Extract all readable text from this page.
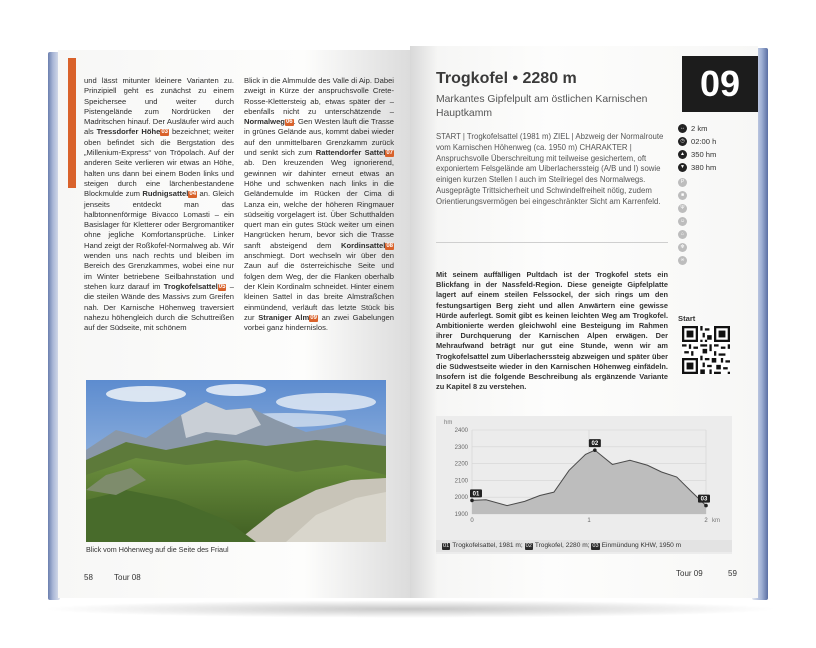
und lässt mitunter kleinere Varianten zu. Prinzipiell geht es zunächst zu einem Speichersee und weiter durch Pistengelände zum Nordrücken der Madritschen hinauf. Der Ausläufer wird auch als Tressdorfer Höhe03 bezeichnet; weiter oben befindet sich die Bergstation des „Millenium-Express“ von Tröpolach. Auf der anderen Seite verlieren wir etwas an Höhe, halten uns dann bei einem Boden links und steigen durch eine lärchenbestandene Blockmulde zum Rudnigsattel04 an. Gleich jenseits entdeckt man das halbtonnenförmige Bivacco Lomasti – ein Basislager für Kletterer oder Bergromantiker ohne jegliche Komfortansprüche. Linker Hand zeigt der Roßkofel-Normalweg ab. Wir wenden uns nach rechts und bleiben im Bereich des Grenzkammes, wobei eine nur im Winter betriebene Seilbahnstation und stehen kurz darauf im Trogkofelsattel05 – die steilen Wände des Massivs zum Greifen nah. Der Karnische Höhenweg traversiert nahezu höhengleich durch die Schuttreißen auf der Südseite, mit schönem

Blick in die Almmulde des Valle di Aip. Dabei zweigt in Kürze der anspruchsvolle Crete-Rosse-Klettersteig ab, etwas später der – ebenfalls nicht zu unterschätzende – Normalweg06. Gen Westen läuft die Trasse in grünes Gelände aus, kommt dabei wieder auf den unmittelbaren Grenzkamm zurück und senkt sich zum Rattendorfer Sattel07 ab. Den kreuzenden Weg ignorierend, gewinnen wir dahinter erneut etwas an Höhe und schwenken nach links in die Geländemulde im Rücken der Cima di Lanza ein, welche der höheren Ringmauer südseitig vorgelagert ist. Über Schutthalden quert man ein gutes Stück weiter um einen Hangrücken herum, bevor sich die Trasse sanft absteigend dem Kordinsattel08 anschmiegt. Dort wechseln wir über den Zaun auf die österreichische Seite und folgen dem Weg, der die Flanken oberhalb der Klein Kordinalm schneidet. Hinter einem kleinen Sattel in das breite Almstraßchen einmündend, verläuft das letzte Stück bis zur Straniger Alm09 an zwei Gabelungen vorbei ganz hindernislos.

Blick vom Höhenweg auf die Seite des Friaul
58	Tour 08
Trogkofel • 2280 m
Markantes Gipfelpult am östlichen Karnischen Hauptkamm
09
START | Trogkofelsattel (1981 m) ZIEL | Abzweig der Normalroute vom Karnischen Höhenweg (ca. 1950 m) CHARAKTER | Anspruchsvolle Überschreitung mit teilweise gesichertem, oft exponiertem Felsgelände am Uiberlacherssteig (A/B und I) sowie einigen kurzen Stellen I auch im Steilriegel des Normalwegs. Ausgeprägte Trittsicherheit und Schwindelfreiheit nötig, zudem Orientierungsvermögen bei eingeschränkter Sicht am Karrenfeld.
Mit seinem auffälligen Pultdach ist der Trogkofel stets ein Blickfang in der Nassfeld-Region. Diese geneigte Gipfelplatte lagert auf einem steilen Felssockel, der sich rings um den festungsartigen Berg zieht und allen Anwärtern eine gewisse Hürde auferlegt. Somit gibt es keinen leichten Weg am Trogkofel. Ambitionierte werden gleichwohl eine Besteigung im Rahmen ihrer Durchquerung der Karnischen Alpen erwägen. Der Mehraufwand beträgt nur gut eine Stunde, wenn wir am Trogkofelsattel zum Uiberlacherssteig abzweigen und später über die Südwestseite wieder in den Karnischen Höhenweg einfädeln. Insofern ist die folgende Beschreibung als ergänzende Variante zu Kapitel 8 zu verstehen.
↔ 2 km
◷ 02:00 h
▲ 350 hm
▼ 380 hm
P
■
Ψ
☺
⌂
✻
∞
Start
hm
1900
2000
2100
2200
2300
2400
0	1	2 km
01
02
03
01 Trogkofelsattel, 1981 m; 02 Trogkofel, 2280 m; 03 Einmündung KHW, 1950 m
Tour 09	59
